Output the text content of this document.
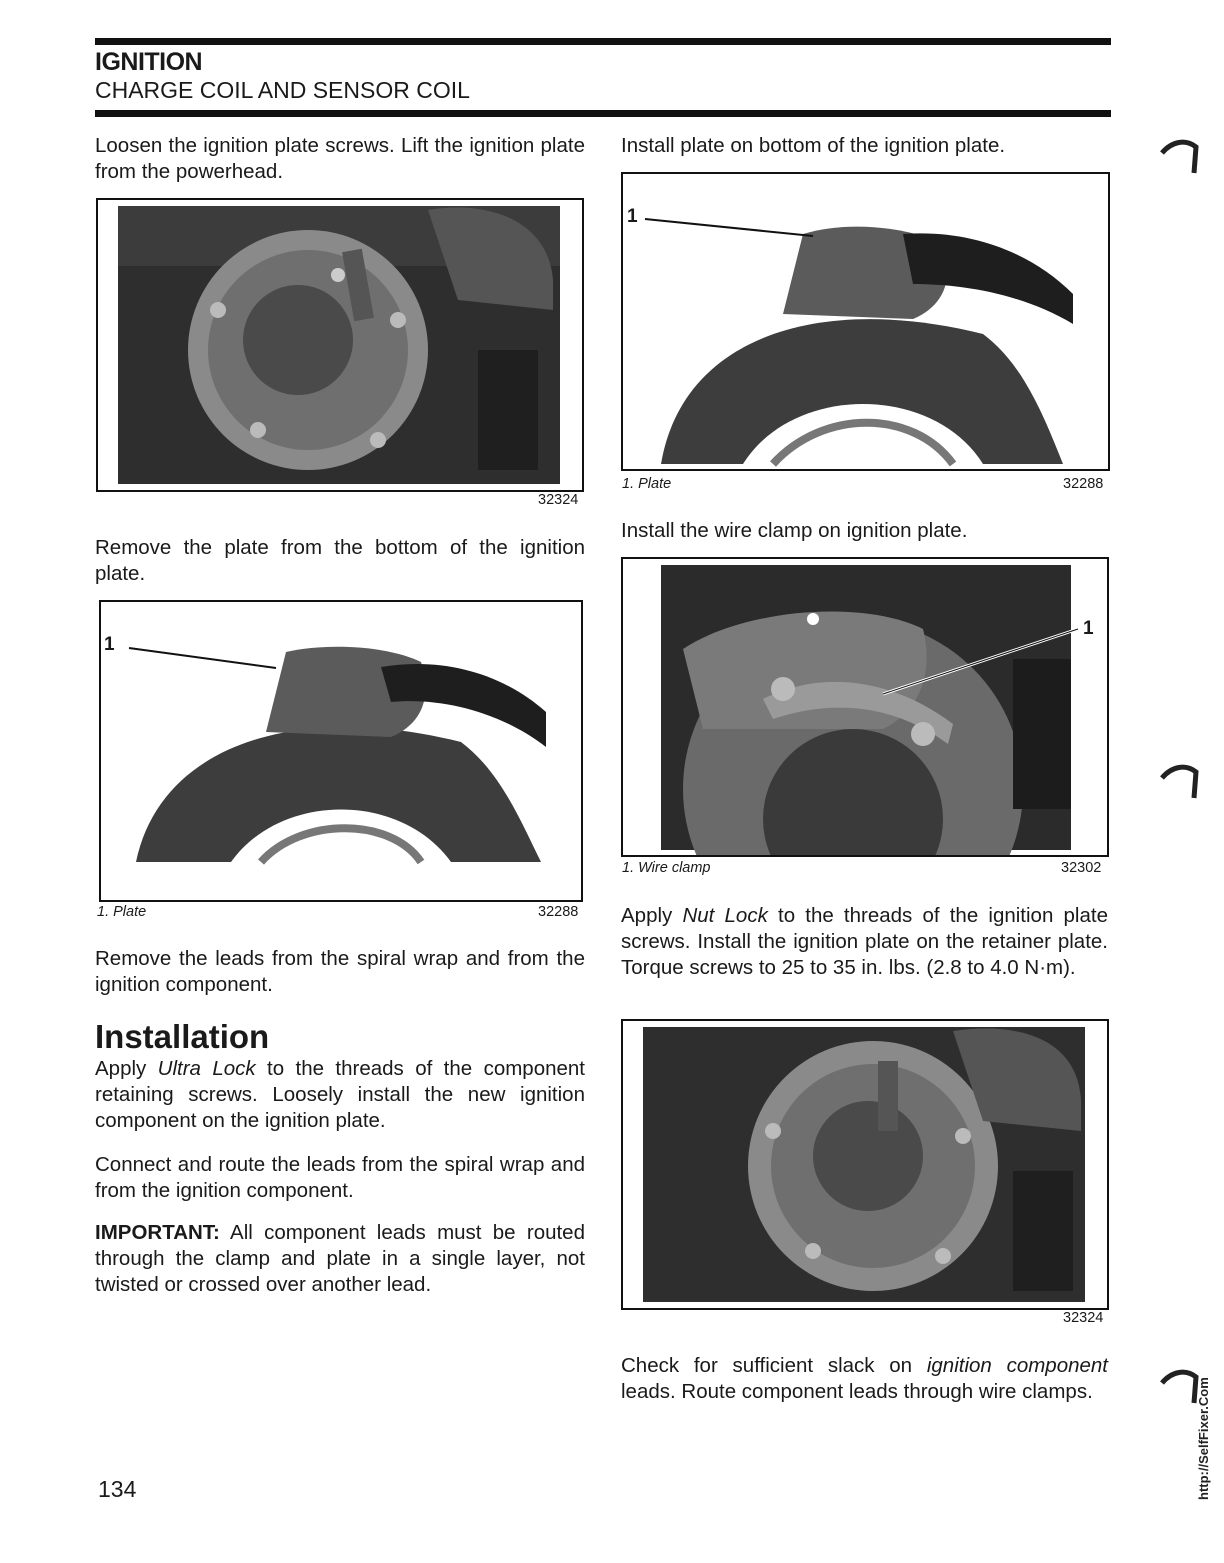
IGNITION
CHARGE COIL AND SENSOR COIL
Loosen the ignition plate screws. Lift the ignition plate from the powerhead.
32324
Remove the plate from the bottom of the ignition plate.
1
1. Plate	32288
Remove the leads from the spiral wrap and from the ignition component.
Installation
Apply Ultra Lock to the threads of the component retaining screws. Loosely install the new ignition component on the ignition plate.
Connect and route the leads from the spiral wrap and from the ignition component.
IMPORTANT: All component leads must be routed through the clamp and plate in a single layer, not twisted or crossed over another lead.
Install plate on bottom of the ignition plate.
1
1. Plate	32288
Install the wire clamp on ignition plate.
1
1. Wire clamp	32302
Apply Nut Lock to the threads of the ignition plate screws. Install the ignition plate on the retainer plate. Torque screws to 25 to 35 in. lbs. (2.8 to 4.0 N·m).
32324
Check for sufficient slack on ignition component leads. Route component leads through wire clamps.
134	http://SelfFixer.Com
